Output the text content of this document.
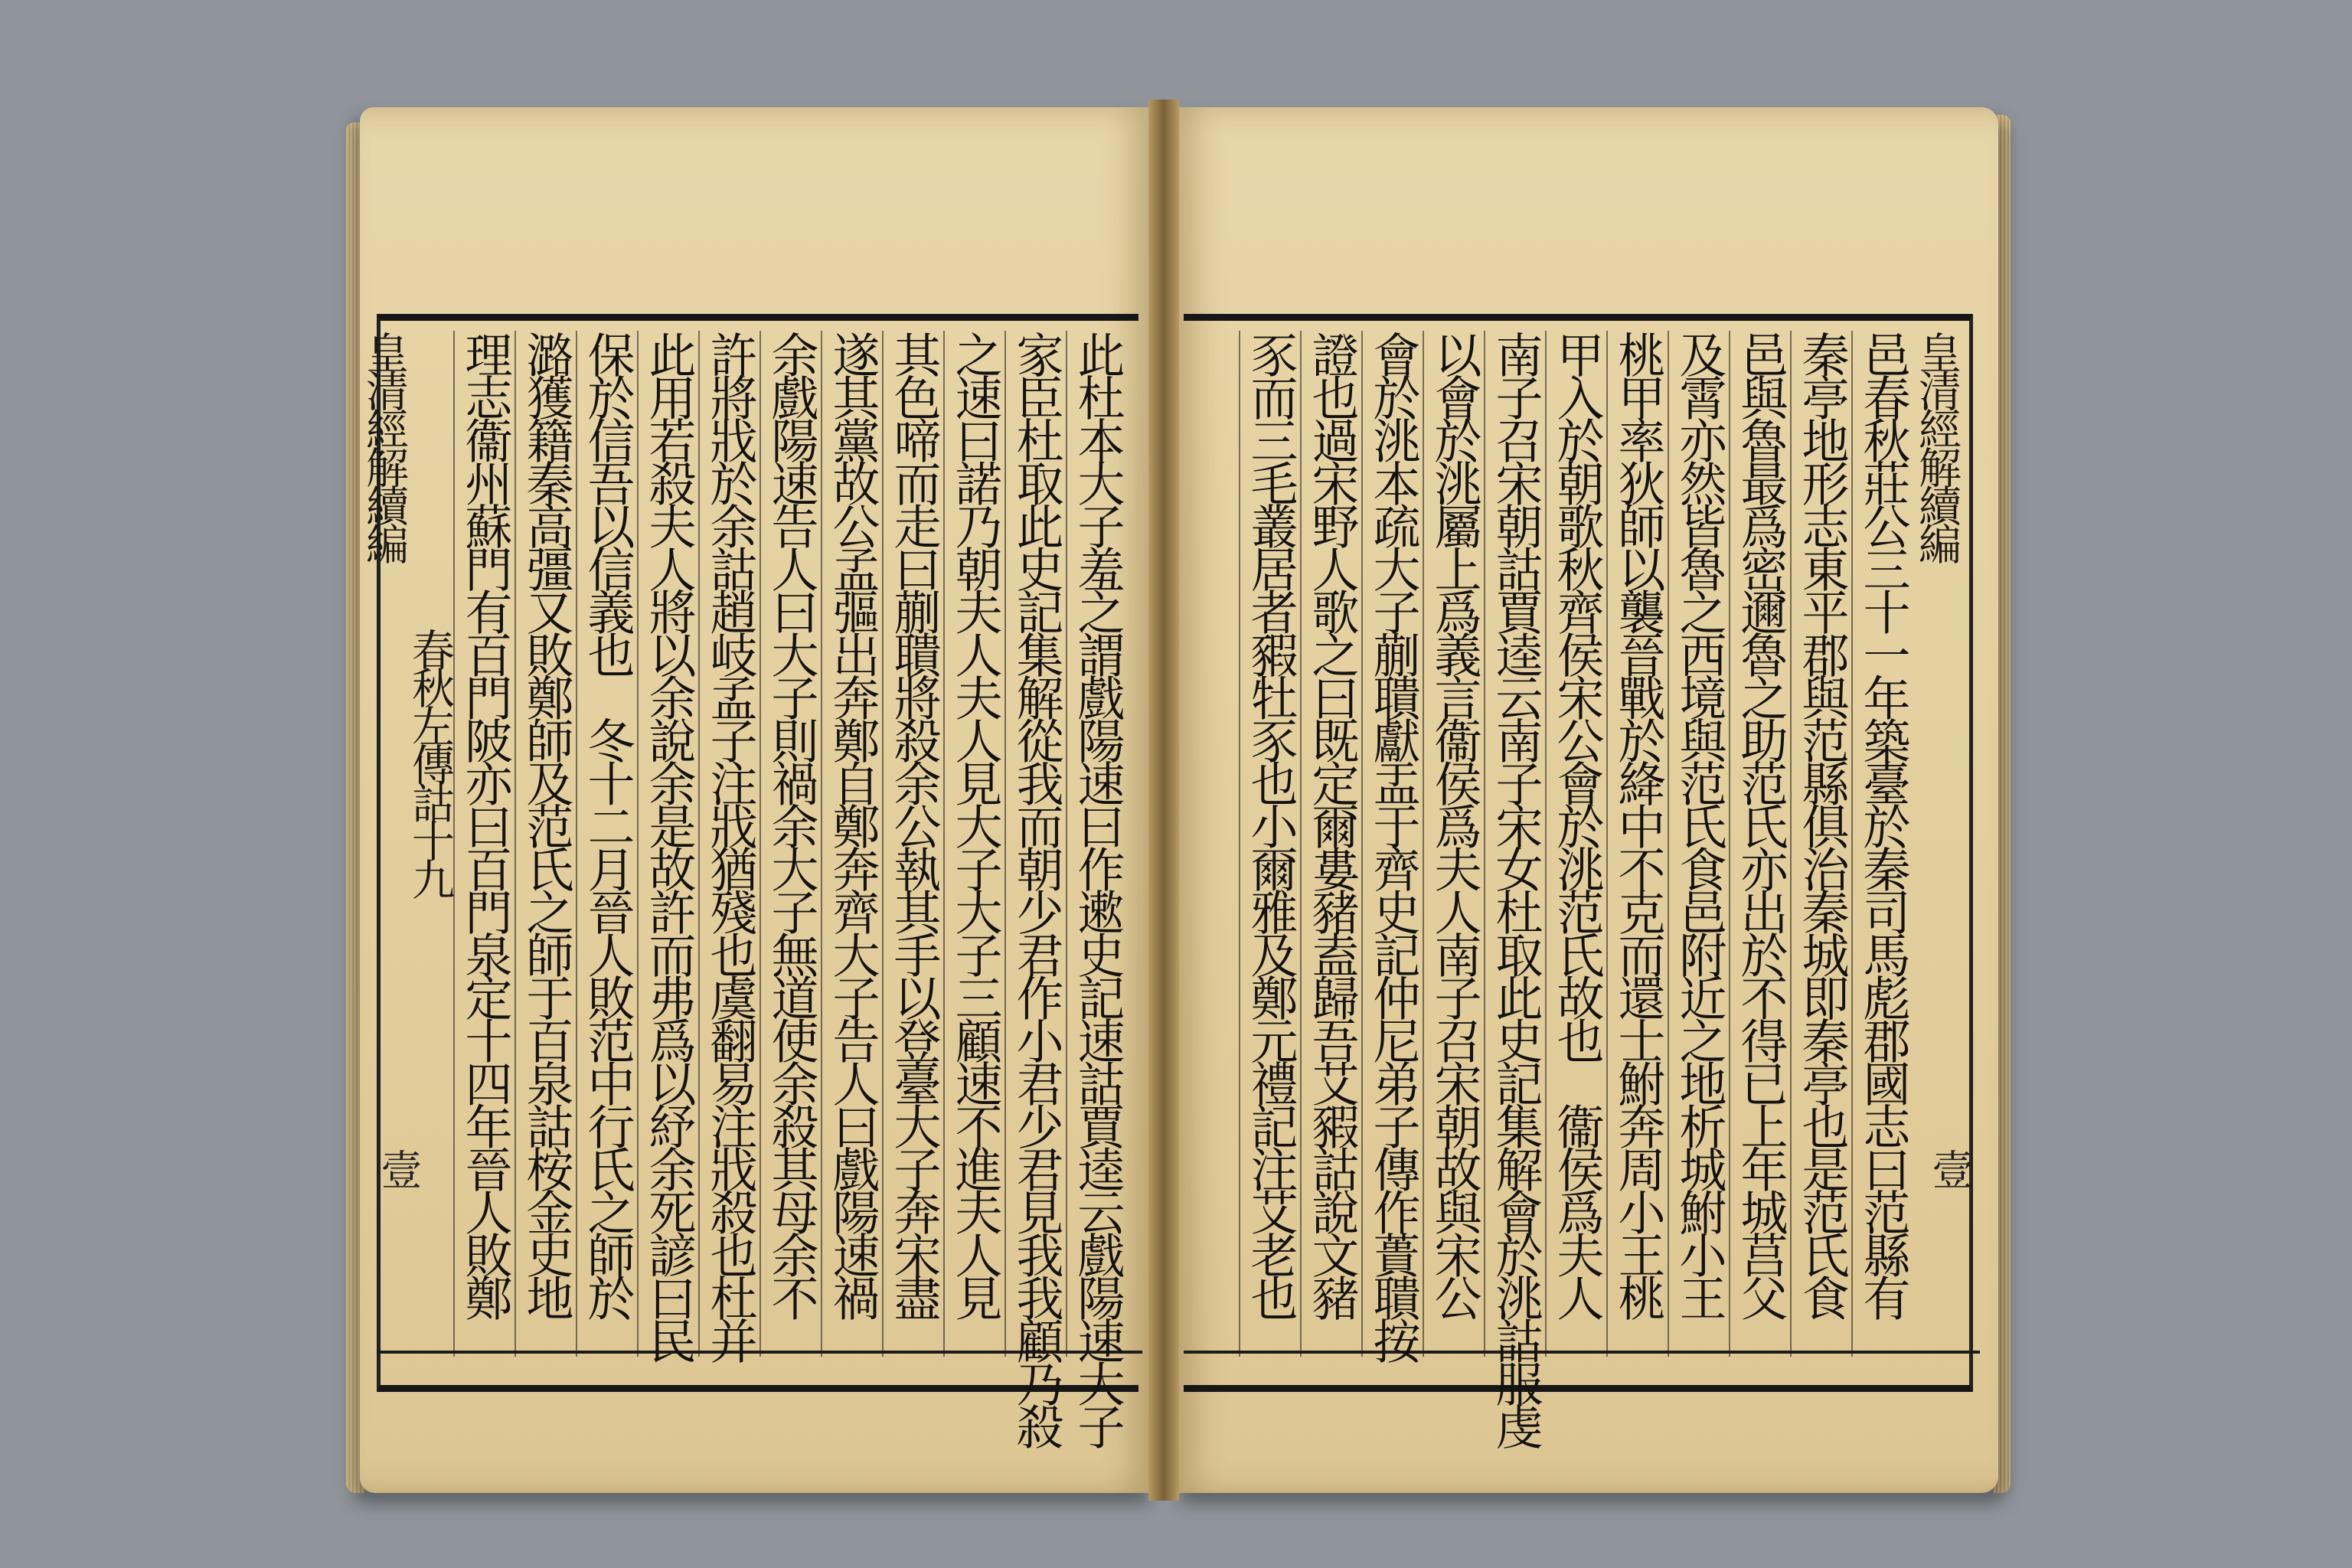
皇清經解續編
春秋左傳詁十九
壹 理志衞州蘇門有百門陂亦曰百門泉定十四年晉人敗鄭 潞獲籍秦高彊又敗鄭師及范氏之師于百泉詁桉金史地 保於信吾以信義也　冬十二月晉人敗范中行氏之師於 此用若殺夫人將以余說余是故許而弗爲以紓余死諺曰民 許將戕於余詁趙岐孟子注戕猶殘也虞翻易注戕殺也杜并 余戲陽速告人曰大子則禍余大子無道使余殺其母余不 遂其黨故公孟彄出奔鄭自鄭奔齊大子告人曰戲陽速禍 其色啼而走曰蒯聵將殺余公執其手以登臺大子奔宋盡 之速曰諾乃朝夫人夫人見大子大子三顧速不進夫人見 家臣杜取此史記集解從我而朝少君作小君少君見我我顧乃殺 此杜本大子羞之謂戲陽速曰作遬史記速詁賈逵云戲陽速大子	邑春秋莊公三十一年築臺於秦司馬彪郡國志曰范縣有
秦亭地形志東平郡與范縣俱治秦城即秦亭也是范氏食
邑與魯最爲密邇魯之助范氏亦出於不得已上年城莒父
及霄亦然皆魯之西境與范氏食邑附近之地析城鮒小王
桃甲率狄師以襲晉戰於絳中不克而還士鮒奔周小王桃
甲入於朝歌秋齊侯宋公會於洮范氏故也　衞侯爲夫人
南子召宋朝詁賈逵云南子宋女杜取此史記集解會於洮詁服虔
以會於洮屬上爲義言衞侯爲夫人南子召宋朝故與宋公
會於洮本疏大子蒯聵獻盂于齊史記仲尼弟子傳作蕢聵按
證也過宋野人歌之曰既定爾婁豬盍歸吾艾豭詁說文豬
豕而三毛叢居者豭牡豕也小爾雅及鄭元禮記注艾老也	皇清經解續編
壹
